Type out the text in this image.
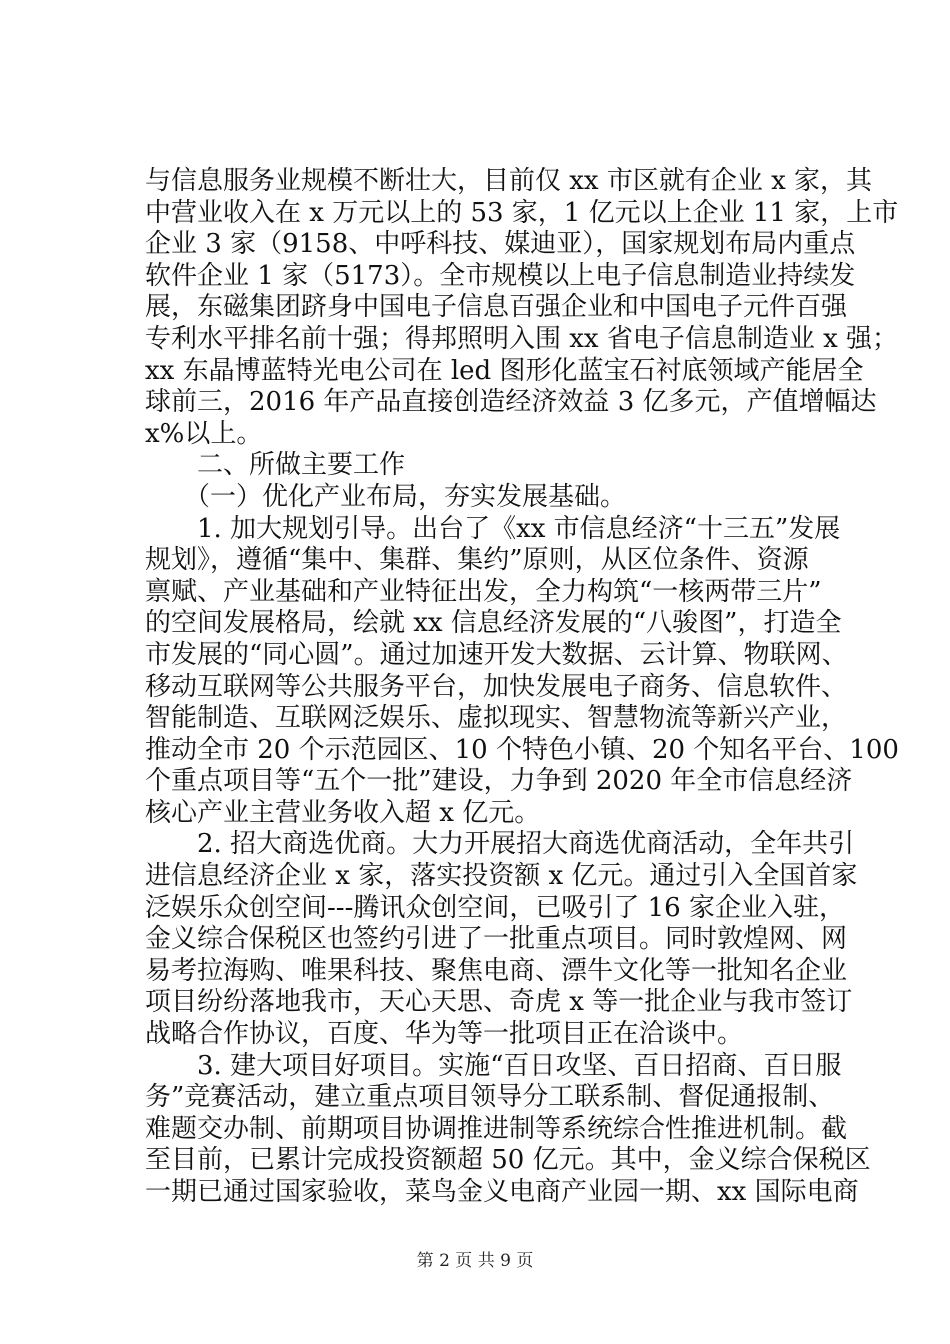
与信息服务业规模不断壮大，目前仅 xx 市区就有企业 x 家，其
中营业收入在 x 万元以上的 53 家，1 亿元以上企业 11 家，上市
企业 3 家（9158、中呼科技、媒迪亚），国家规划布局内重点
软件企业 1 家（5173）。全市规模以上电子信息制造业持续发
展，东磁集团跻身中国电子信息百强企业和中国电子元件百强
专利水平排名前十强；得邦照明入围 xx 省电子信息制造业 x 强；
xx 东晶博蓝特光电公司在 led 图形化蓝宝石衬底领域产能居全
球前三，2016 年产品直接创造经济效益 3 亿多元，产值增幅达
x%以上。
　　二、所做主要工作
　　（一）优化产业布局，夯实发展基础。
　　1. 加大规划引导。出台了《xx 市信息经济“十三五”发展
规划》，遵循“集中、集群、集约”原则，从区位条件、资源
禀赋、产业基础和产业特征出发，全力构筑“一核两带三片”
的空间发展格局，绘就 xx 信息经济发展的“八骏图”，打造全
市发展的“同心圆”。通过加速开发大数据、云计算、物联网、
移动互联网等公共服务平台，加快发展电子商务、信息软件、
智能制造、互联网泛娱乐、虚拟现实、智慧物流等新兴产业，
推动全市 20 个示范园区、10 个特色小镇、20 个知名平台、100
个重点项目等“五个一批”建设，力争到 2020 年全市信息经济
核心产业主营业务收入超 x 亿元。
　　2. 招大商选优商。大力开展招大商选优商活动，全年共引
进信息经济企业 x 家，落实投资额 x 亿元。通过引入全国首家
泛娱乐众创空间---腾讯众创空间，已吸引了 16 家企业入驻，
金义综合保税区也签约引进了一批重点项目。同时敦煌网、网
易考拉海购、唯果科技、聚焦电商、漂牛文化等一批知名企业
项目纷纷落地我市，天心天思、奇虎 x 等一批企业与我市签订
战略合作协议，百度、华为等一批项目正在洽谈中。
　　3. 建大项目好项目。实施“百日攻坚、百日招商、百日服
务”竞赛活动，建立重点项目领导分工联系制、督促通报制、
难题交办制、前期项目协调推进制等系统综合性推进机制。截
至目前，已累计完成投资额超 50 亿元。其中，金义综合保税区
一期已通过国家验收，菜鸟金义电商产业园一期、xx 国际电商
第 2 页 共 9 页
